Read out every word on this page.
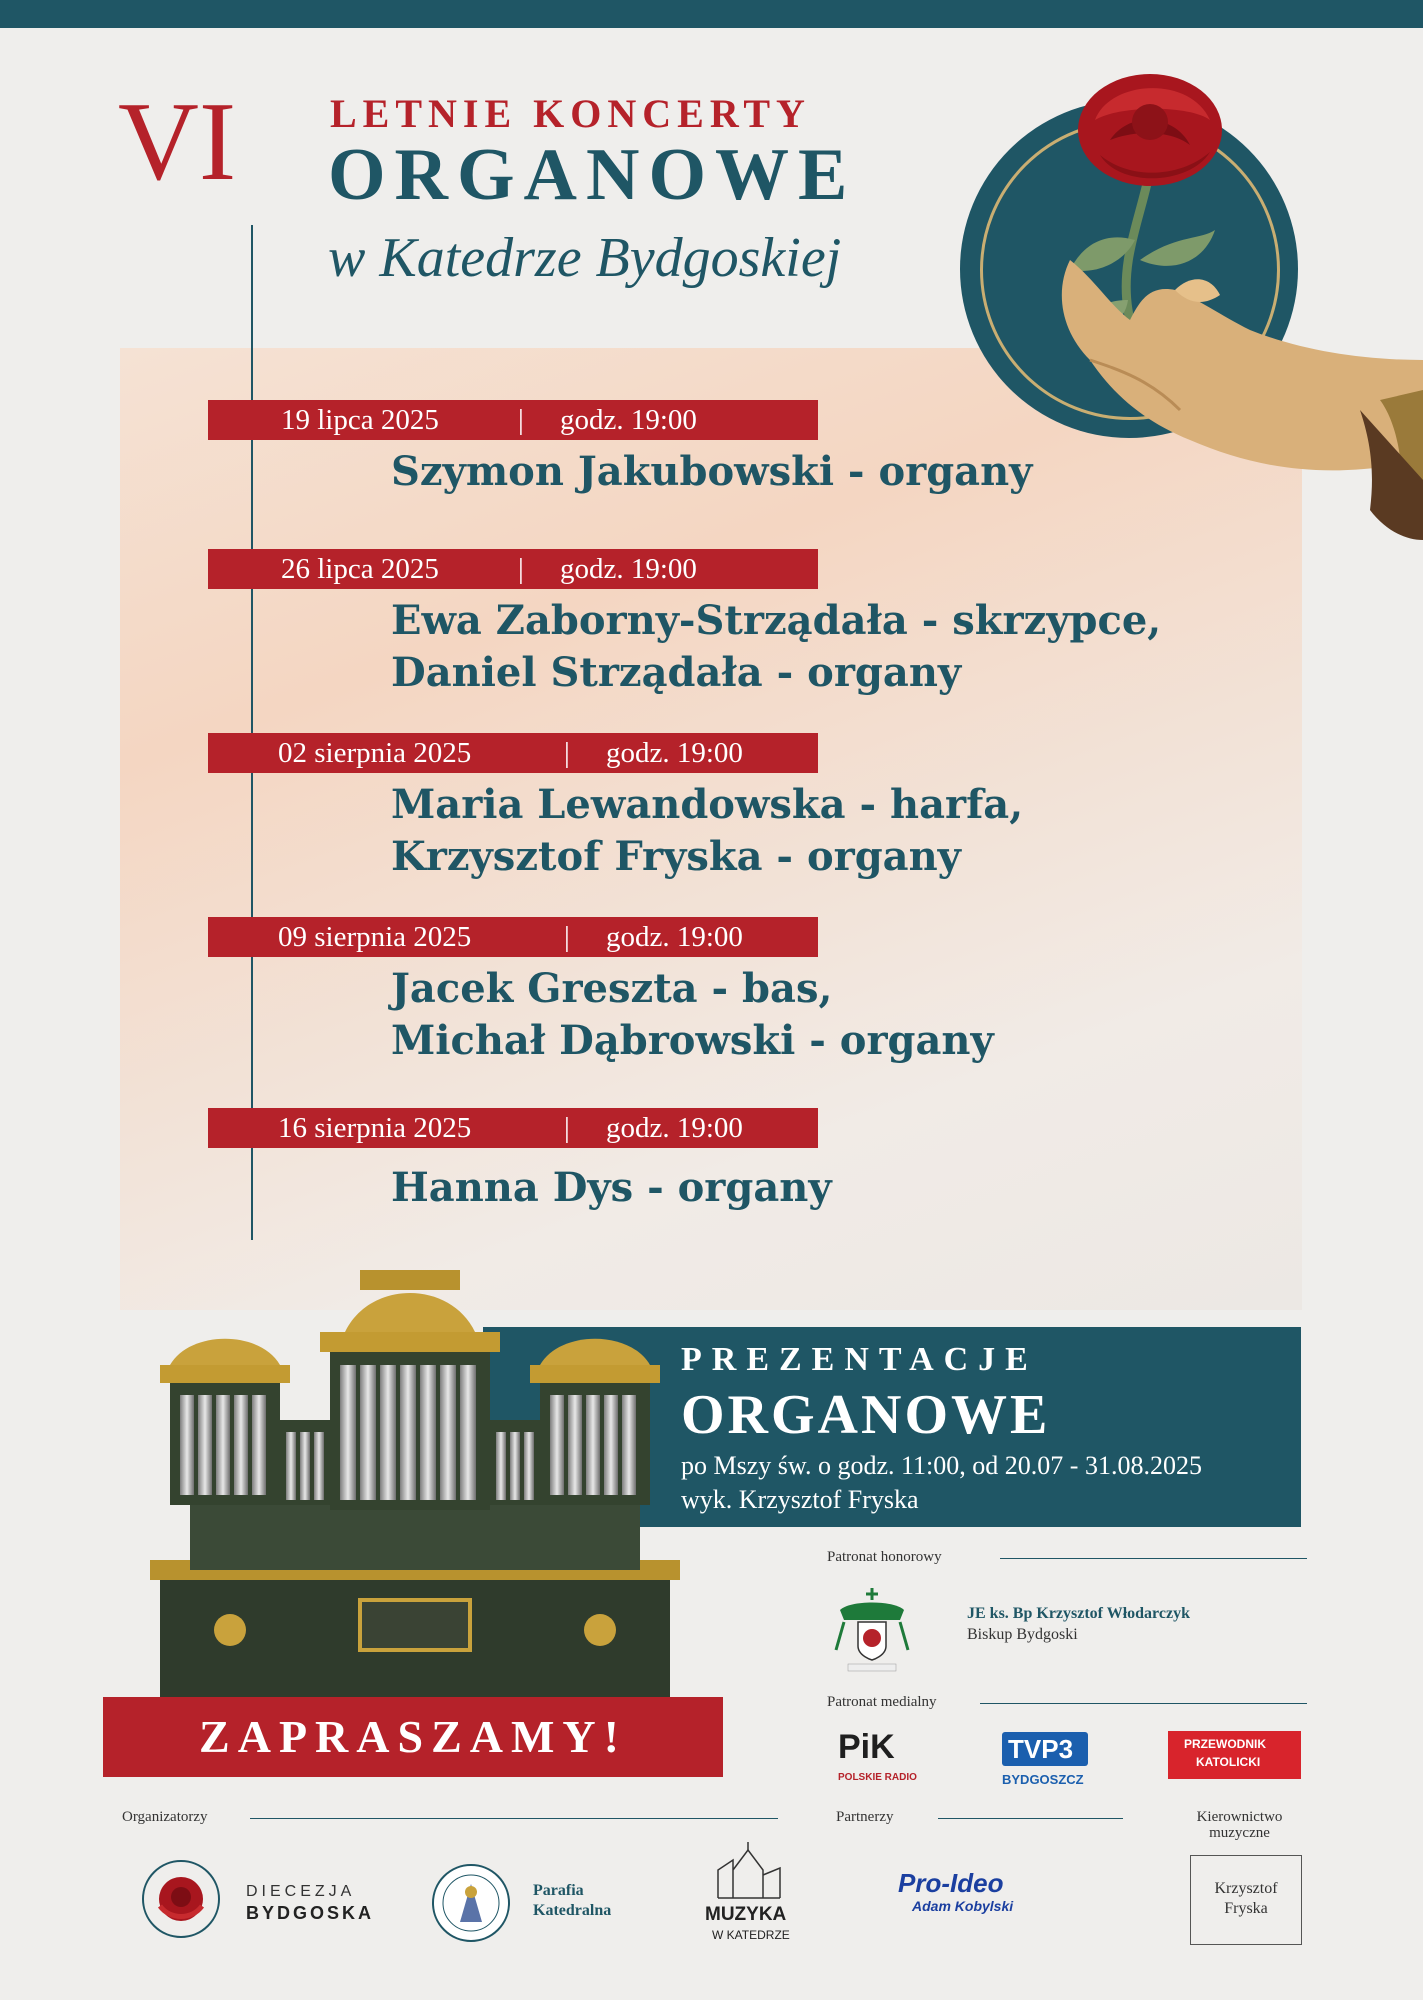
VI LETNIE KONCERTY
ORGANOWE
w Katedrze Bydgoskiej
19 lipca 2025	| godz. 19:00
Szymon Jakubowski - organy
26 lipca 2025	| godz. 19:00
Ewa Zaborny-Strządała - skrzypce,
Daniel Strządała - organy
02 sierpnia 2025	| godz. 19:00
Maria Lewandowska - harfa,
Krzysztof Fryska - organy
09 sierpnia 2025	| godz. 19:00
Jacek Greszta - bas,
Michał Dąbrowski - organy
16 sierpnia 2025	| godz. 19:00
Hanna Dys - organy
PREZENTACJE
ORGANOWE
po Mszy św. o godz. 11:00, od 20.07 - 31.08.2025
wyk. Krzysztof Fryska
ZAPRASZAMY!
Patronat honorowy
JE ks. Bp Krzysztof Włodarczyk
Biskup Bydgoski
Patronat medialny
PiK
POLSKIE RADIO
TVP3
BYDGOSZCZ
PRZEWODNIK
KATOLICKI
Organizatorzy	Partnerzy	Kierownictwo muzyczne
DIECEZJA
BYDGOSKA
Parafia
Katedralna	MUZYKA
W KATEDRZE
Pro-Ideo
Adam Kobylski
Krzysztof
Fryska
